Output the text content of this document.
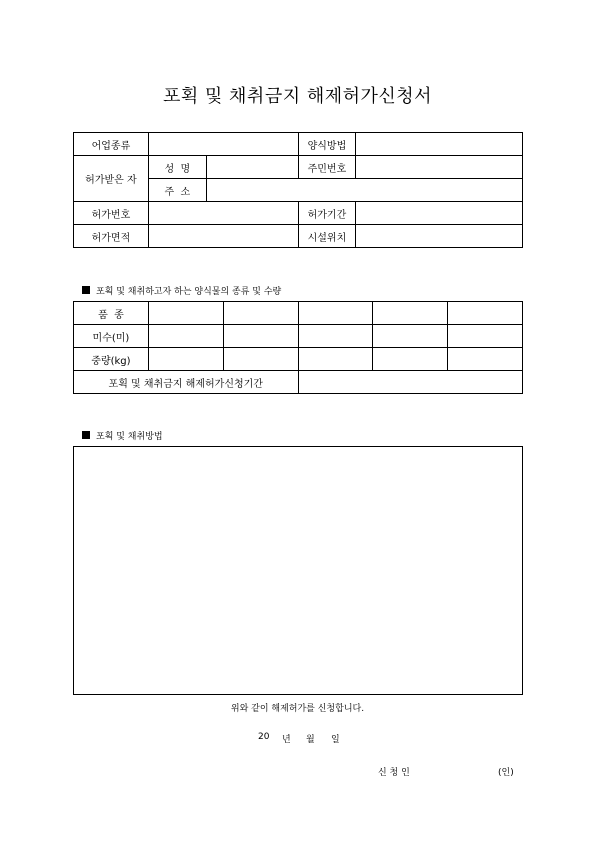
포획 및 채취금지 해제허가신청서
어업종류			양식방법	
허가받은 자	성  명		주민번호	
	주  소			
허가번호			허가기간	
허가면적			시설위치	
포획 및 채취하고자 하는 양식물의 종류 및 수량
품  종					
미수(미)					
중량(kg)					
포획 및 채취금지 해제허가신청기간					
포획 및 채취방법
위와 같이 해제허가를 신청합니다.
20 년 월 일
신 청 인	(인)
